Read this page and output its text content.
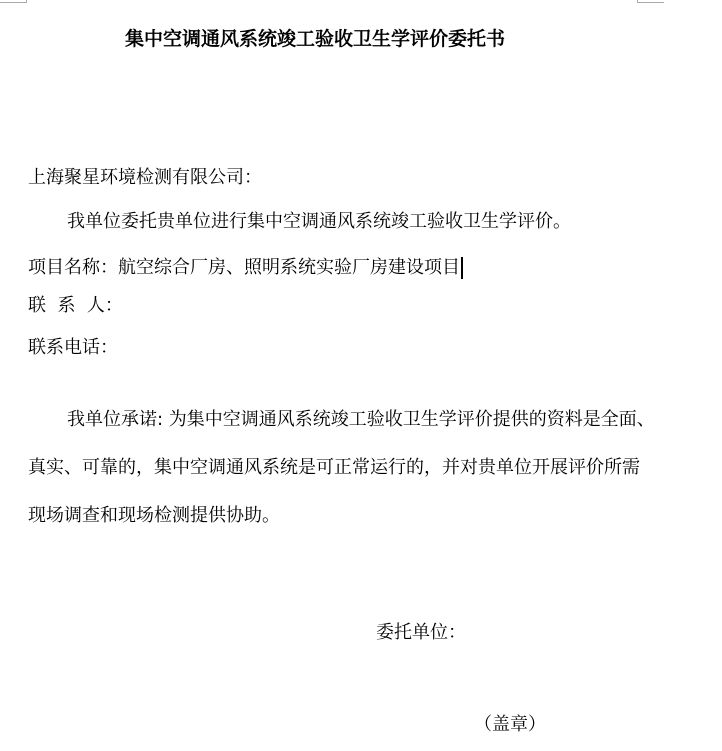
集中空调通风系统竣工验收卫生学评价委托书
上海聚星环境检测有限公司：
我单位委托贵单位进行集中空调通风系统竣工验收卫生学评价。
项目名称：航空综合厂房、照明系统实验厂房建设项目
联  系  人：
联系电话：
我单位承诺: 为集中空调通风系统竣工验收卫生学评价提供的资料是全面、
真实、可靠的，集中空调通风系统是可正常运行的，并对贵单位开展评价所需
现场调查和现场检测提供协助。
委托单位：
（盖章）
